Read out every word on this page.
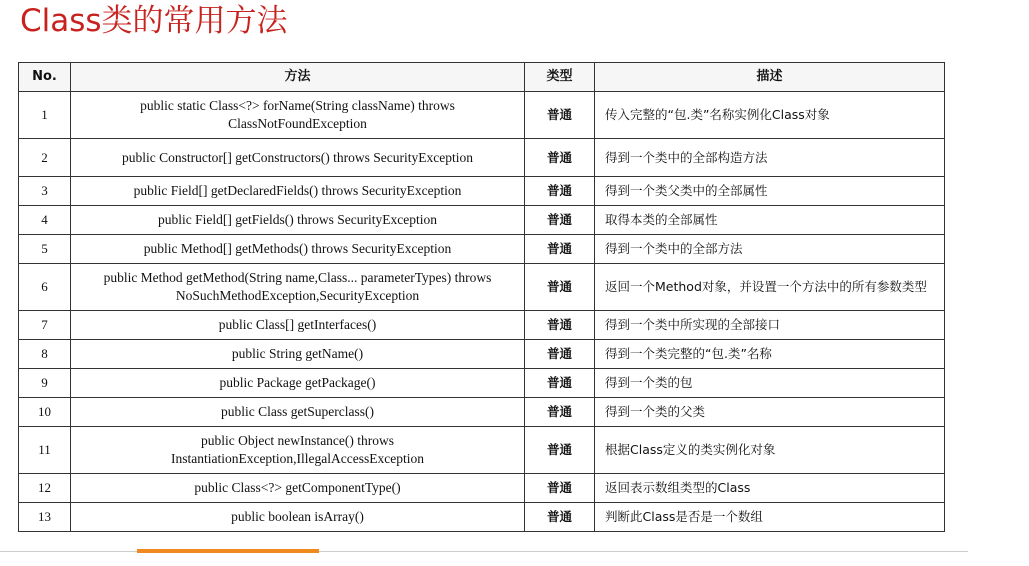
Class类的常用方法
No.	方法	类型	描述
1	public static Class<?> forName(String className) throws ClassNotFoundException	普通	传入完整的“包.类”名称实例化Class对象
2	public Constructor[] getConstructors() throws SecurityException	普通	得到一个类中的全部构造方法
3	public Field[] getDeclaredFields() throws SecurityException	普通	得到一个类父类中的全部属性
4	public Field[] getFields() throws SecurityException	普通	取得本类的全部属性
5	public Method[] getMethods() throws SecurityException	普通	得到一个类中的全部方法
6	public Method getMethod(String name,Class... parameterTypes) throws NoSuchMethodException,SecurityException	普通	返回一个Method对象，并设置一个方法中的所有参数类型

7	public Class[] getInterfaces()	普通	得到一个类中所实现的全部接口
8	public String getName()	普通	得到一个类完整的“包.类”名称
9	public Package getPackage()	普通	得到一个类的包
10	public Class getSuperclass()	普通	得到一个类的父类
11	public Object newInstance() throws InstantiationException,IllegalAccessException	普通	根据Class定义的类实例化对象
12	public Class<?> getComponentType()	普通	返回表示数组类型的Class
13	public boolean isArray()	普通	判断此Class是否是一个数组
